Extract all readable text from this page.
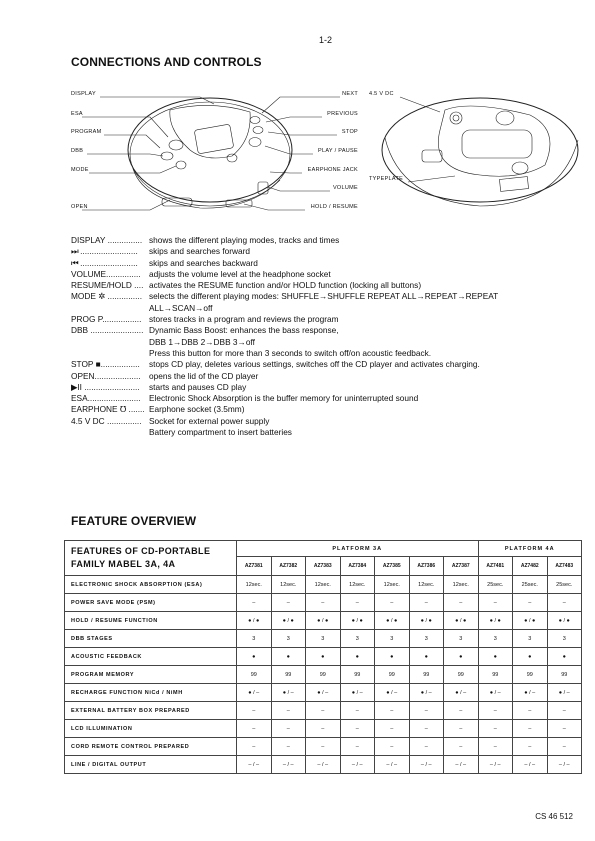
1-2
CONNECTIONS AND CONTROLS
DISPLAY
ESA
PROGRAM
DBB
MODE
OPEN
NEXT
PREVIOUS
STOP
PLAY / PAUSE
EARPHONE JACK
VOLUME
HOLD / RESUME
4.5 V DC
TYPEPLATE
DISPLAY ............... shows the different playing modes, tracks and times
⏭ .........................	skips and searches forward
⏮ .........................	skips and searches backward
VOLUME...............	adjusts the volume level at the headphone socket
RESUME/HOLD .... activates the RESUME function and/or HOLD function (locking all buttons)
MODE ✲ ............... selects the different playing modes: SHUFFLE→SHUFFLE REPEAT ALL→REPEAT→REPEAT
ALL→SCAN→off
PROG P................. stores tracks in a program and reviews the program
DBB ....................... Dynamic Bass Boost: enhances the bass response,
DBB 1→DBB 2→DBB 3→off
Press this button for more than 3 seconds to switch off/on acoustic feedback.
STOP ■.................	stops CD play, deletes various settings, switches off the CD player and activates charging.
OPEN....................	opens the lid of the CD player
▶II ........................	starts and pauses CD play
ESA.......................	Electronic Shock Absorption is the buffer memory for uninterrupted sound
EARPHONE ℧ ....... Earphone socket (3.5mm)
4.5 V DC ............... Socket for external power supply
Battery compartment to insert batteries
FEATURE OVERVIEW
FEATURES OF CD-PORTABLE FAMILY MABEL 3A, 4A	PLATFORM 3A							PLATFORM 4A		
	AZ7381	AZ7382	AZ7383	AZ7384	AZ7385	AZ7386	AZ7387	AZ7481	AZ7482	AZ7483
ELECTRONIC SHOCK ABSORPTION (ESA)	12sec.	12sec.	12sec.	12sec.	12sec.	12sec.	12sec.	25sec.	25sec.	25sec.
POWER SAVE MODE (PSM)	–	–	–	–	–	–	–	–	–	–
HOLD / RESUME FUNCTION	● / ●	● / ●	● / ●	● / ●	● / ●	● / ●	● / ●	● / ●	● / ●	● / ●
DBB STAGES	3	3	3	3	3	3	3	3	3	3
ACOUSTIC FEEDBACK	●	●	●	●	●	●	●	●	●	●
PROGRAM MEMORY	99	99	99	99	99	99	99	99	99	99
RECHARGE FUNCTION NiCd / NiMH	● / –	● / –	● / –	● / –	● / –	● / –	● / –	● / –	● / –	● / –
EXTERNAL BATTERY BOX PREPARED	–	–	–	–	–	–	–	–	–	–
LCD ILLUMINATION	–	–	–	–	–	–	–	–	–	–
CORD REMOTE CONTROL PREPARED	–	–	–	–	–	–	–	–	–	–
LINE / DIGITAL OUTPUT	– / –	– / –	– / –	– / –	– / –	– / –	– / –	– / –	– / –	– / –
CS 46 512
